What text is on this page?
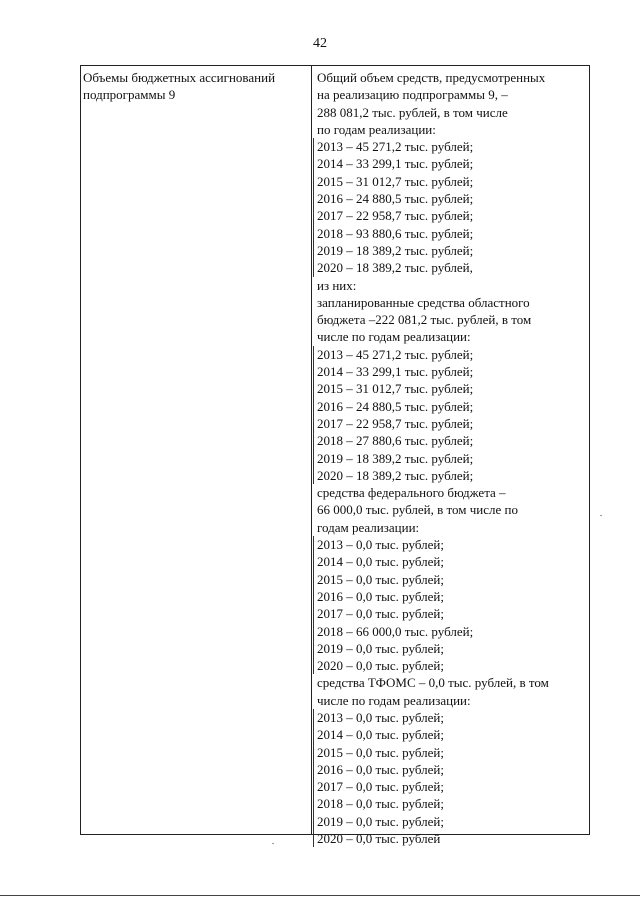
42
Объемы бюджетных ассигнований
подпрограммы 9
Общий объем средств, предусмотренных
на реализацию подпрограммы 9, –
288 081,2 тыс. рублей, в том числе
по годам реализации:
2013 – 45 271,2 тыс. рублей;
2014 – 33 299,1 тыс. рублей;
2015 – 31 012,7 тыс. рублей;
2016 – 24 880,5 тыс. рублей;
2017 – 22 958,7 тыс. рублей;
2018 – 93 880,6 тыс. рублей;
2019 – 18 389,2 тыс. рублей;
2020 – 18 389,2 тыс. рублей,
из них:
запланированные средства областного
бюджета –222 081,2 тыс. рублей, в том
числе по годам реализации:
2013 – 45 271,2 тыс. рублей;
2014 – 33 299,1 тыс. рублей;
2015 – 31 012,7 тыс. рублей;
2016 – 24 880,5 тыс. рублей;
2017 – 22 958,7 тыс. рублей;
2018 – 27 880,6 тыс. рублей;
2019 – 18 389,2 тыс. рублей;
2020 – 18 389,2 тыс. рублей;
средства федерального бюджета –
66 000,0 тыс. рублей, в том числе по
годам реализации:
2013 – 0,0 тыс. рублей;
2014 – 0,0 тыс. рублей;
2015 – 0,0 тыс. рублей;
2016 – 0,0 тыс. рублей;
2017 – 0,0 тыс. рублей;
2018 – 66 000,0 тыс. рублей;
2019 – 0,0 тыс. рублей;
2020 – 0,0 тыс. рублей;
средства ТФОМС – 0,0 тыс. рублей, в том
числе по годам реализации:
2013 – 0,0 тыс. рублей;
2014 – 0,0 тыс. рублей;
2015 – 0,0 тыс. рублей;
2016 – 0,0 тыс. рублей;
2017 – 0,0 тыс. рублей;
2018 – 0,0 тыс. рублей;
2019 – 0,0 тыс. рублей;
2020 – 0,0 тыс. рублей
